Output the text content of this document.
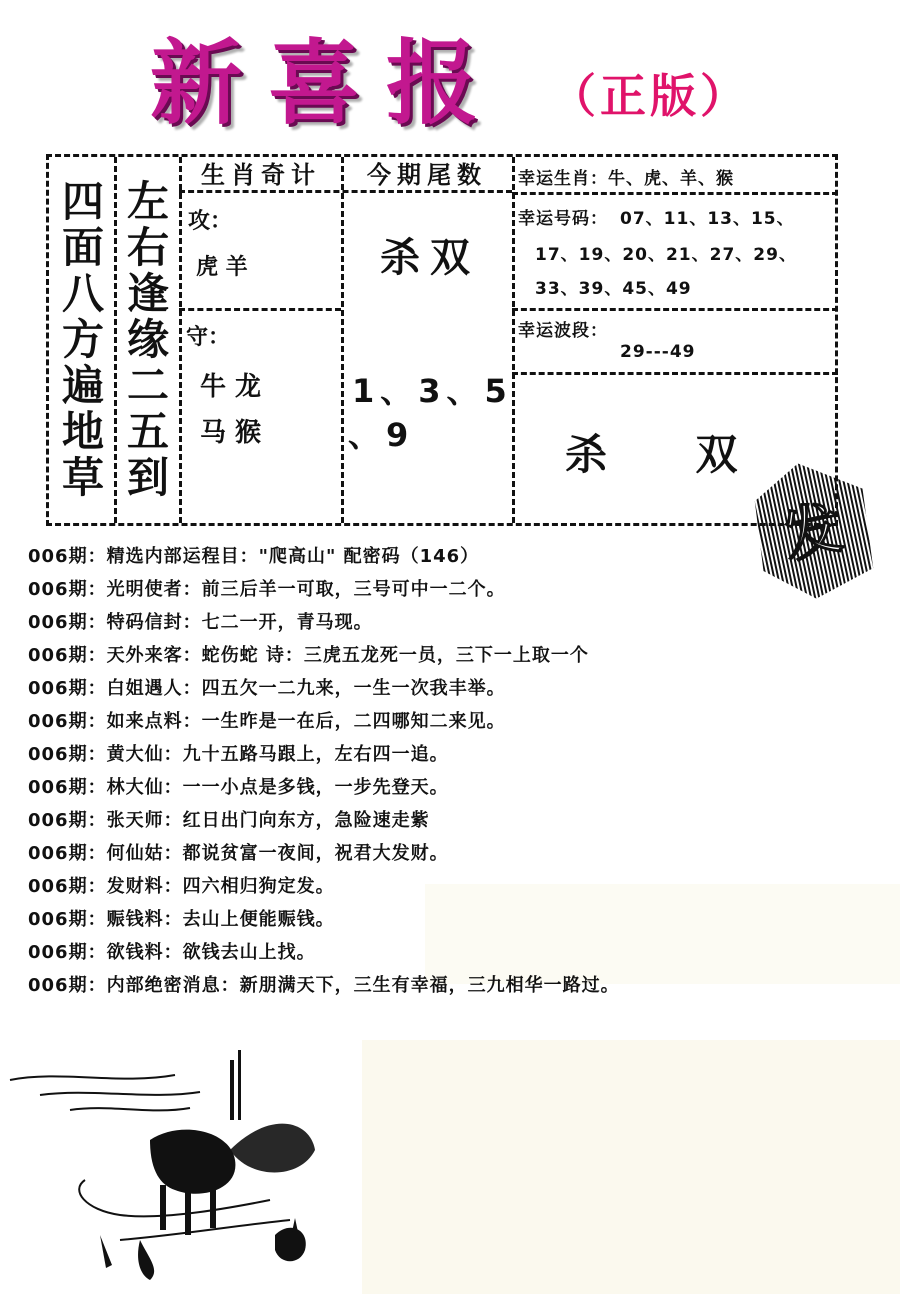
新喜报 （正版）
四
面
八
方
遍
地
草
左
右
逢
缘
二
五
到
生肖奇计	今期尾数
攻：
虎 羊
守：
牛 龙
马 猴
杀双
1、3、5
、9
幸运生肖：牛、虎、羊、猴
幸运号码： 07、11、13、15、
17、19、20、21、27、29、
33、39、45、49
幸运波段：
29---49
杀    双
发
006期：精选内部运程目："爬高山" 配密码（146）
006期：光明使者：前三后羊一可取，三号可中一二个。
006期：特码信封：七二一开，青马现。
006期：天外来客：蛇伤蛇 诗：三虎五龙死一员，三下一上取一个
006期：白姐遇人：四五欠一二九来，一生一次我丰举。
006期：如来点料：一生昨是一在后，二四哪知二来见。
006期：黄大仙：九十五路马跟上，左右四一追。
006期：林大仙：一一小点是多钱，一步先登天。
006期：张天师：红日出门向东方，急险速走紫
006期：何仙姑：都说贫富一夜间，祝君大发财。
006期：发财料：四六相归狗定发。
006期：赈钱料：去山上便能赈钱。
006期：欲钱料：欲钱去山上找。
006期：内部绝密消息：新朋满天下，三生有幸福，三九相华一路过。
